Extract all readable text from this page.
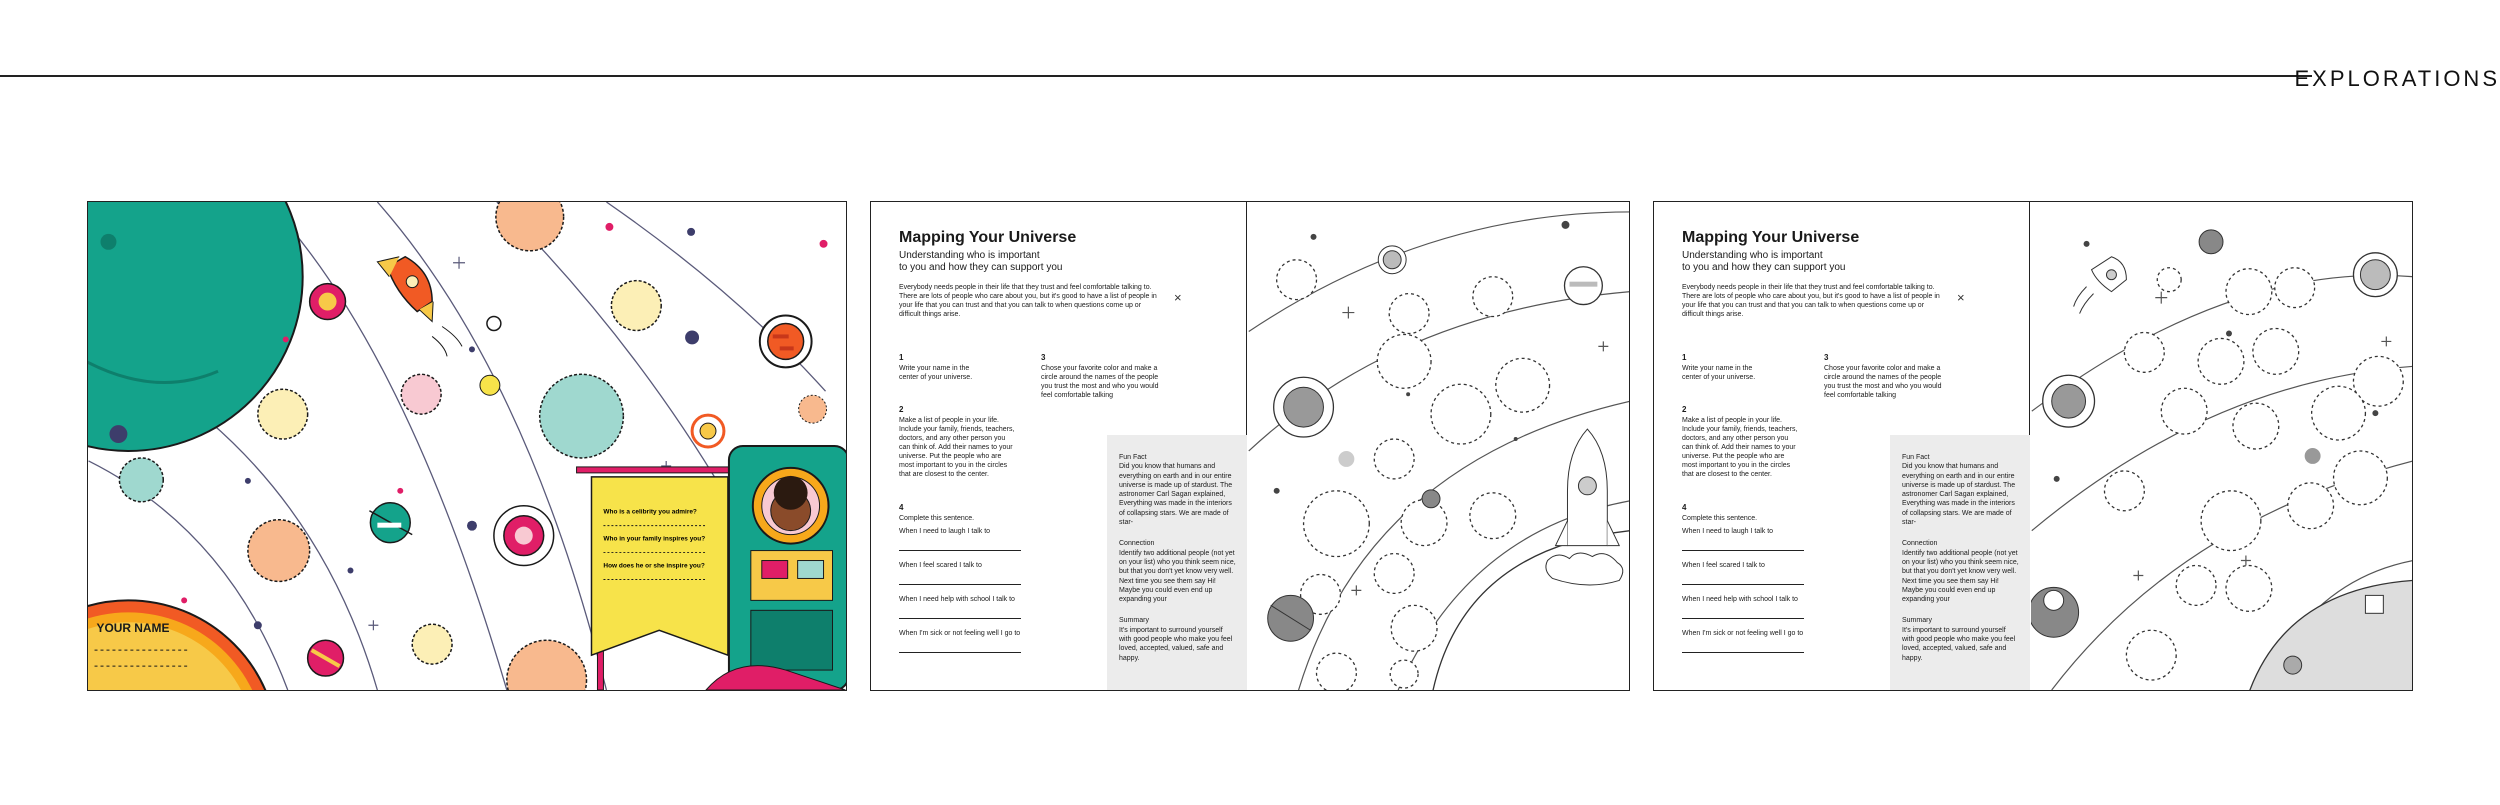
EXPLORATIONS
YOUR NAME
Who is a celibrity you admire?
Who in your family inspires you?
How does he or she inspire you?
Mapping Your Universe
Understanding who is important
to you and how they can support you
Everybody needs people in their life that they trust and feel comfortable talking to. There are lots of people who care about you, but it's good to have a list of people in your life that you can trust and that you can talk to when questions come up or difficult things arise.
×
1
Write your name in the center of your universe.
2
Make a list of people in your life. Include your family, friends, teachers, doctors, and any other person you can think of. Add their names to your universe. Put the people who are most important to you in the circles that are closest to the center.
3
Chose your favorite color and make a circle around the names of the people you trust the most and who you would feel comfortable talking
4
Complete this sentence.
When I need to laugh I talk to
When I feel scared I talk to
When I need help with school I talk to
When I'm sick or not feeling well I go to
Fun Fact
Did you know that humans and everything on earth and in our entire universe is made up of stardust. The astronomer Carl Sagan explained, Everything was made in the interiors of collapsing stars. We are made of star-
Connection
Identify two additional people (not yet on your list) who you think seem nice, but that you don't yet know very well. Next time you see them say Hi! Maybe you could even end up expanding your
Summary
It's important to surround yourself with good people who make you feel loved, accepted, valued, safe and happy.
Mapping Your Universe
Understanding who is important
to you and how they can support you
Everybody needs people in their life that they trust and feel comfortable talking to. There are lots of people who care about you, but it's good to have a list of people in your life that you can trust and that you can talk to when questions come up or difficult things arise.
×
1
Write your name in the center of your universe.
2
Make a list of people in your life. Include your family, friends, teachers, doctors, and any other person you can think of. Add their names to your universe. Put the people who are most important to you in the circles that are closest to the center.
3
Chose your favorite color and make a circle around the names of the people you trust the most and who you would feel comfortable talking
4
Complete this sentence.
When I need to laugh I talk to
When I feel scared I talk to
When I need help with school I talk to
When I'm sick or not feeling well I go to
Fun Fact
Did you know that humans and everything on earth and in our entire universe is made up of stardust. The astronomer Carl Sagan explained, Everything was made in the interiors of collapsing stars. We are made of star-
Connection
Identify two additional people (not yet on your list) who you think seem nice, but that you don't yet know very well. Next time you see them say Hi! Maybe you could even end up expanding your
Summary
It's important to surround yourself with good people who make you feel loved, accepted, valued, safe and happy.
